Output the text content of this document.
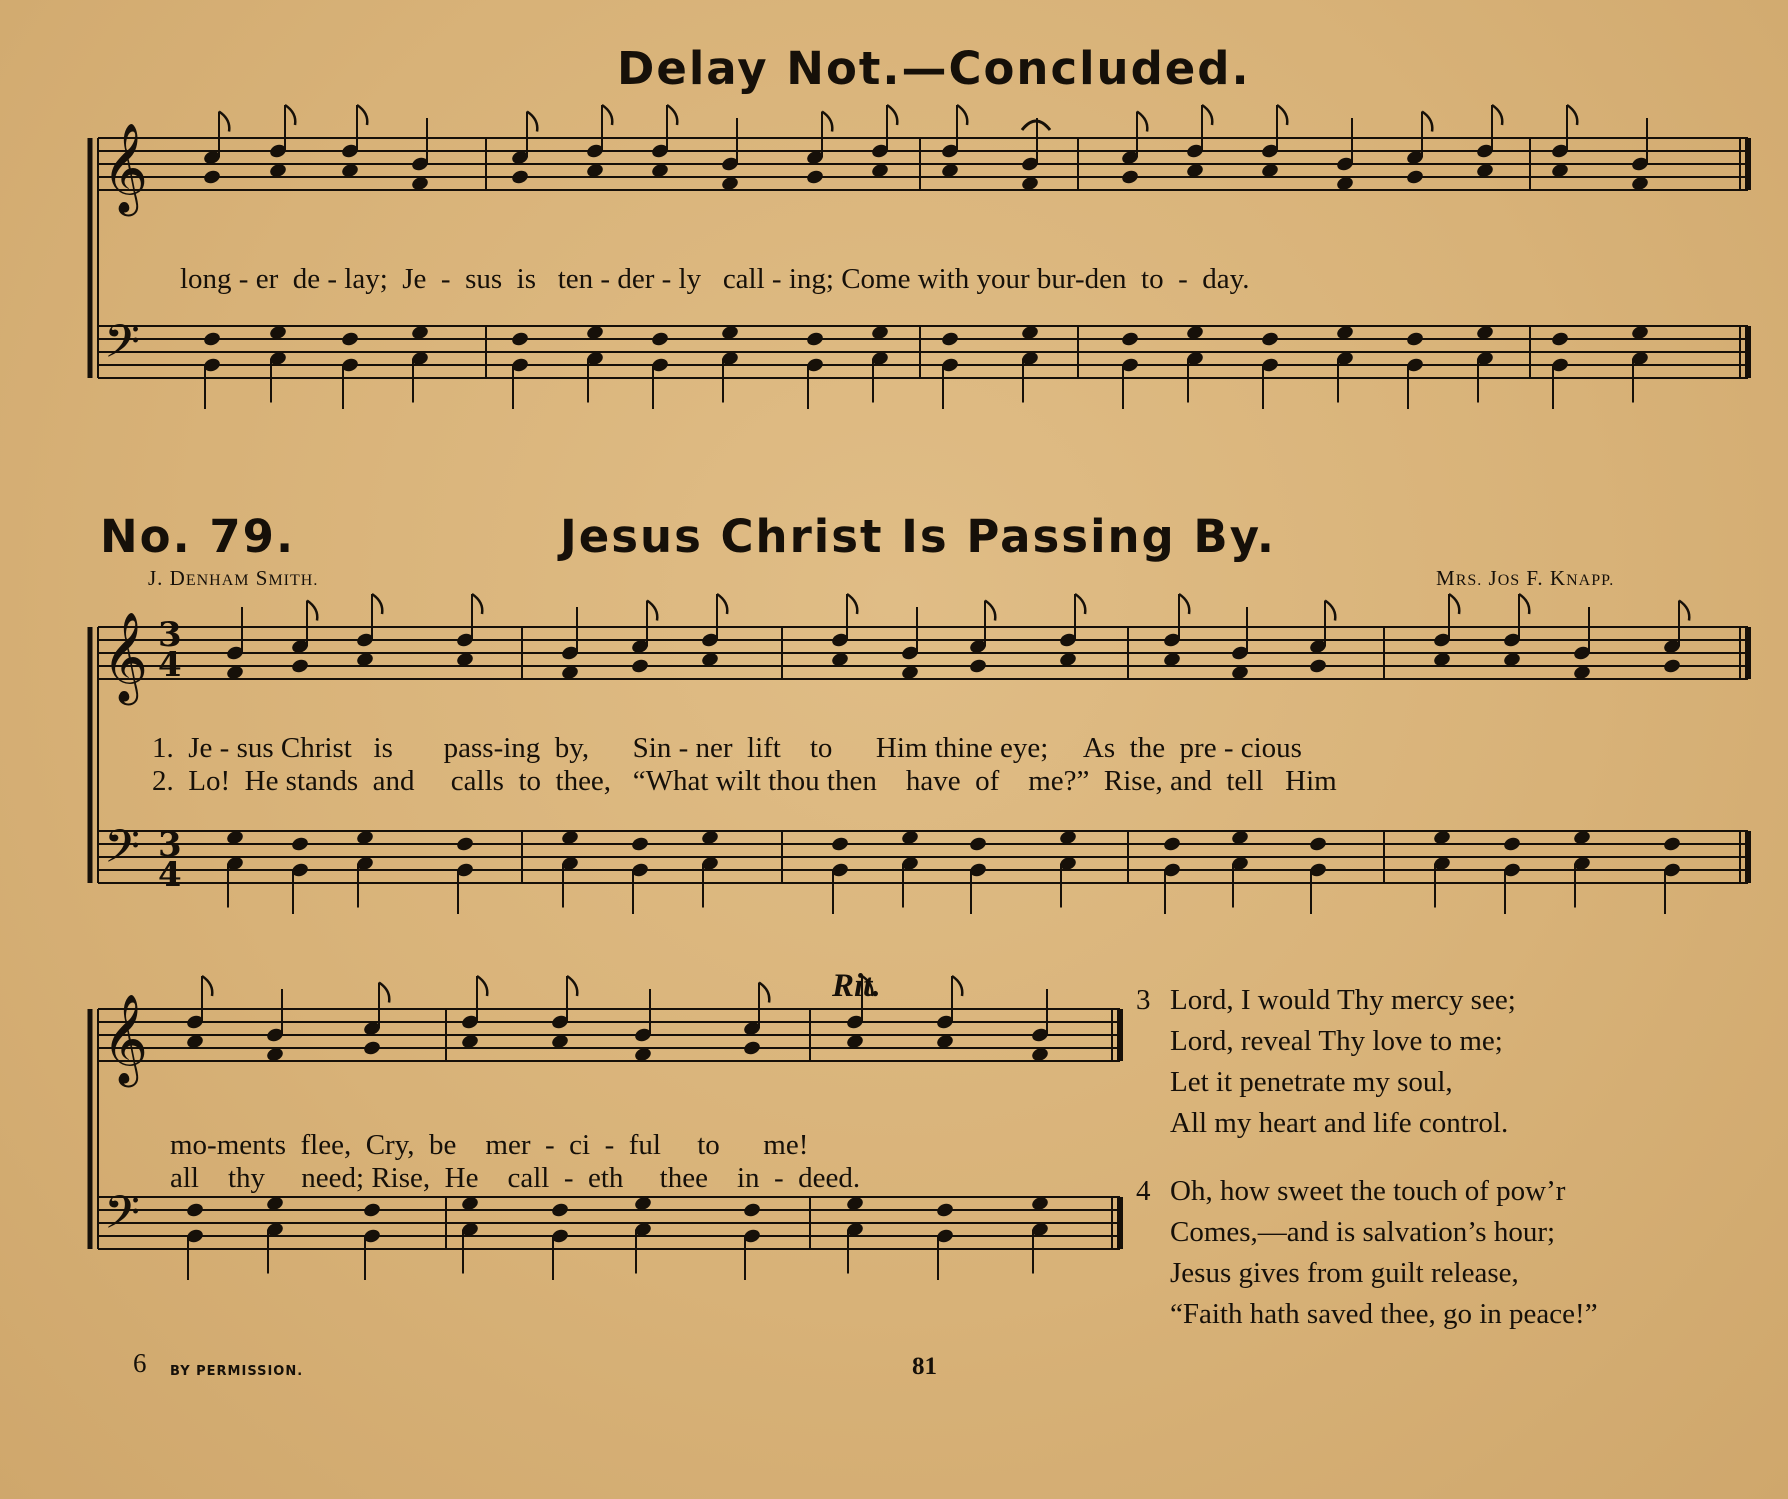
Delay Not.—Concluded.
No. 79.	Jesus Christ Is Passing By.
J. DENHAM SMITH.	MRS. JOS F. KNAPP.
𝄞
𝄢
𝄞
𝄢
𝄞
𝄢
3
4
3
4
long - er  de - lay;  Je  -  sus  is   ten - der - ly   call - ing; Come with your bur-den  to  -  day.
1.  Je - sus Christ   is       pass-ing  by,      Sin - ner  lift    to      Him thine eye;     As  the  pre - cious
2.  Lo!  He stands  and     calls  to  thee,   “What wilt thou then    have  of    me?”  Rise, and  tell   Him
Rit.
mo-ments  flee,  Cry,  be    mer  -  ci  -  ful     to      me!
all    thy     need; Rise,  He    call  -  eth     thee    in  -  deed.
3 Lord, I would Thy mercy see;
Lord, reveal Thy love to me;
Let it penetrate my soul,
All my heart and life control.
4 Oh, how sweet the touch of pow’r
Comes,—and is salvation’s hour;
Jesus gives from guilt release,
“Faith hath saved thee, go in peace!”
6 BY PERMISSION.	81
